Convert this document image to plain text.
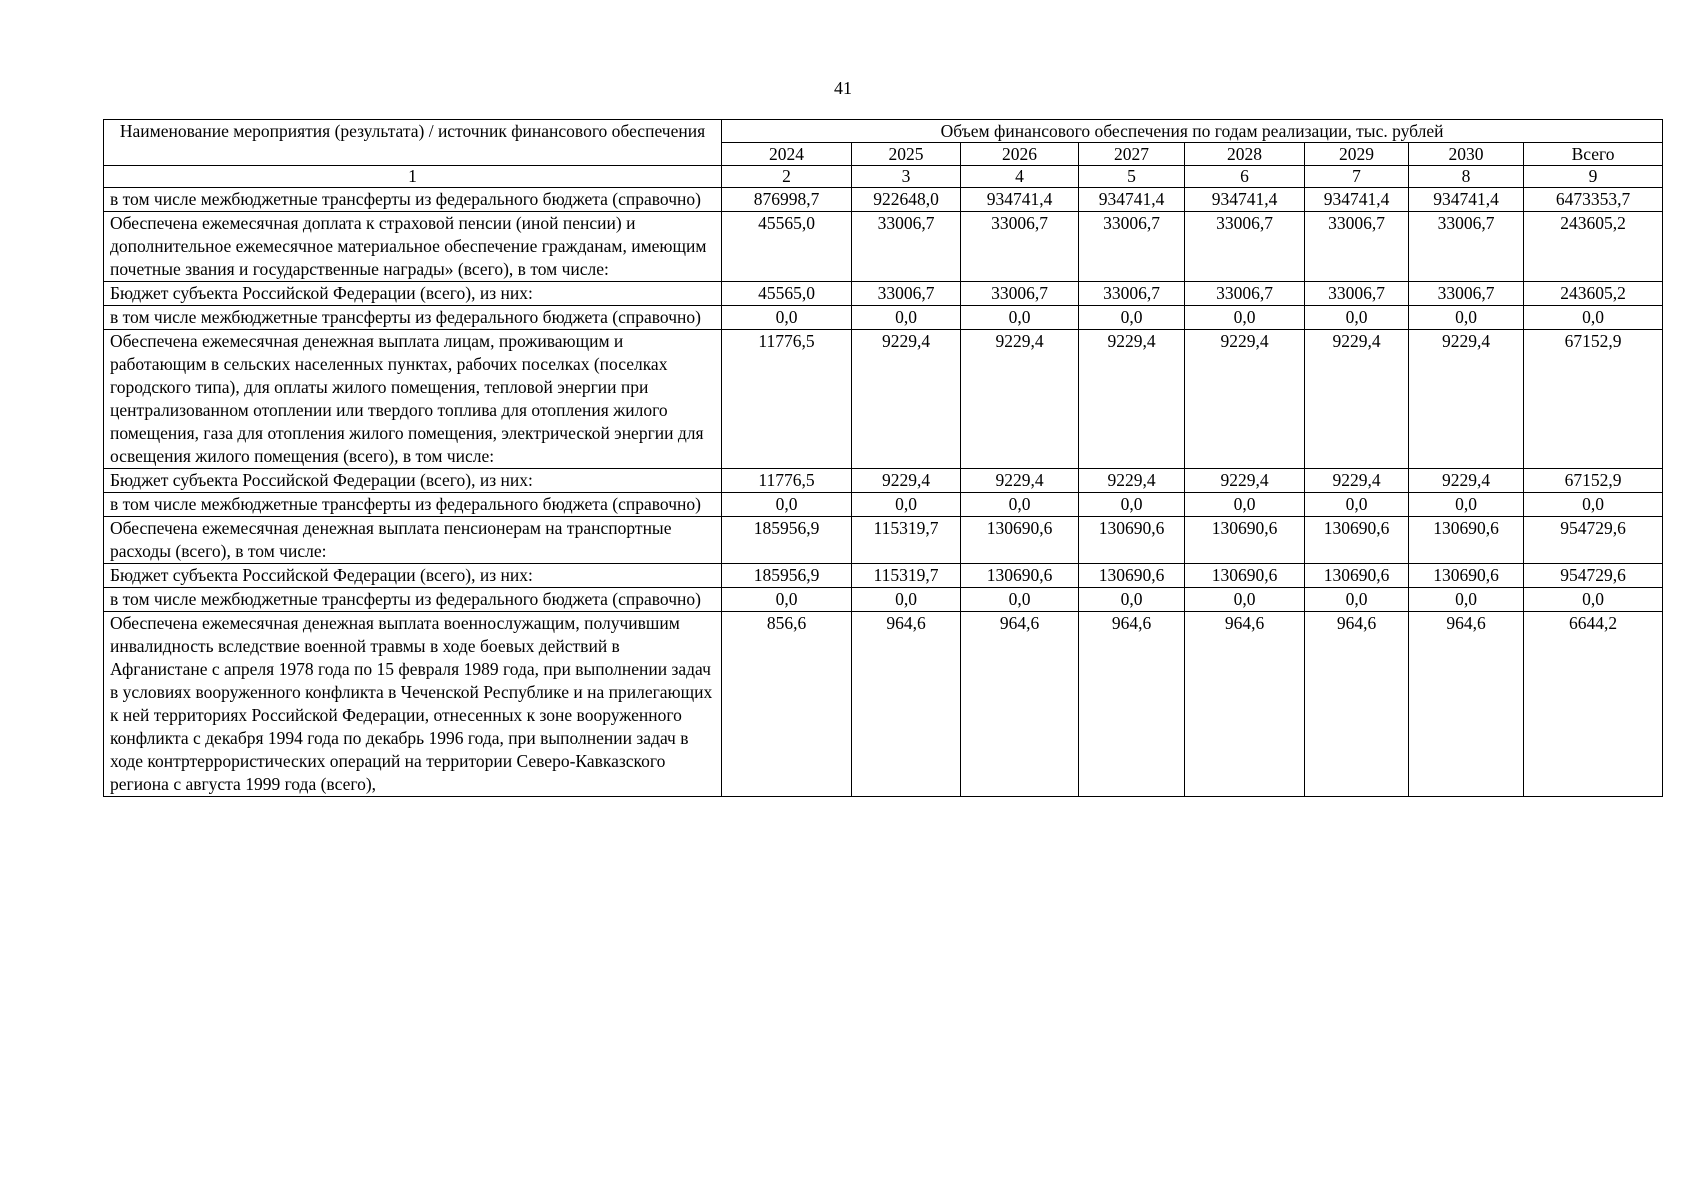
41
Наименование мероприятия (результата) / источник финансового обеспечения	Объем финансового обеспечения по годам реализации, тыс. рублей							
	2024	2025	2026	2027	2028	2029	2030	Всего
1	2	3	4	5	6	7	8	9
в том числе межбюджетные трансферты из федерального бюджета (справочно)	876998,7	922648,0	934741,4	934741,4	934741,4	934741,4	934741,4	6473353,7
Обеспечена ежемесячная доплата к страховой пенсии (иной пенсии) и дополнительное ежемесячное материальное обеспечение гражданам, имеющим почетные звания и государственные награды» (всего), в том числе:	45565,0	33006,7	33006,7	33006,7	33006,7	33006,7	33006,7	243605,2
Бюджет субъекта Российской Федерации (всего), из них:	45565,0	33006,7	33006,7	33006,7	33006,7	33006,7	33006,7	243605,2
в том числе межбюджетные трансферты из федерального бюджета (справочно)	0,0	0,0	0,0	0,0	0,0	0,0	0,0	0,0
Обеспечена ежемесячная денежная выплата лицам, проживающим и работающим в сельских населенных пунктах, рабочих поселках (поселках городского типа), для оплаты жилого помещения, тепловой энергии при централизованном отоплении или твердого топлива для отопления жилого помещения, газа для отопления жилого помещения, электрической энергии для освещения жилого помещения (всего), в том числе:	11776,5	9229,4	9229,4	9229,4	9229,4	9229,4	9229,4	67152,9
Бюджет субъекта Российской Федерации (всего), из них:	11776,5	9229,4	9229,4	9229,4	9229,4	9229,4	9229,4	67152,9
в том числе межбюджетные трансферты из федерального бюджета (справочно)	0,0	0,0	0,0	0,0	0,0	0,0	0,0	0,0
Обеспечена ежемесячная денежная выплата пенсионерам на транспортные расходы (всего), в том числе:	185956,9	115319,7	130690,6	130690,6	130690,6	130690,6	130690,6	954729,6
Бюджет субъекта Российской Федерации (всего), из них:	185956,9	115319,7	130690,6	130690,6	130690,6	130690,6	130690,6	954729,6
в том числе межбюджетные трансферты из федерального бюджета (справочно)	0,0	0,0	0,0	0,0	0,0	0,0	0,0	0,0
Обеспечена ежемесячная денежная выплата военнослужащим, получившим инвалидность вследствие военной травмы в ходе боевых действий в Афганистане с апреля 1978 года по 15 февраля 1989 года, при выполнении задач в условиях вооруженного конфликта в Чеченской Республике и на прилегающих к ней территориях Российской Федерации, отнесенных к зоне вооруженного конфликта с декабря 1994 года по декабрь 1996 года, при выполнении задач в ходе контртеррористических операций на территории Северо-Кавказского региона с августа 1999 года (всего),	856,6	964,6	964,6	964,6	964,6	964,6	964,6	6644,2
